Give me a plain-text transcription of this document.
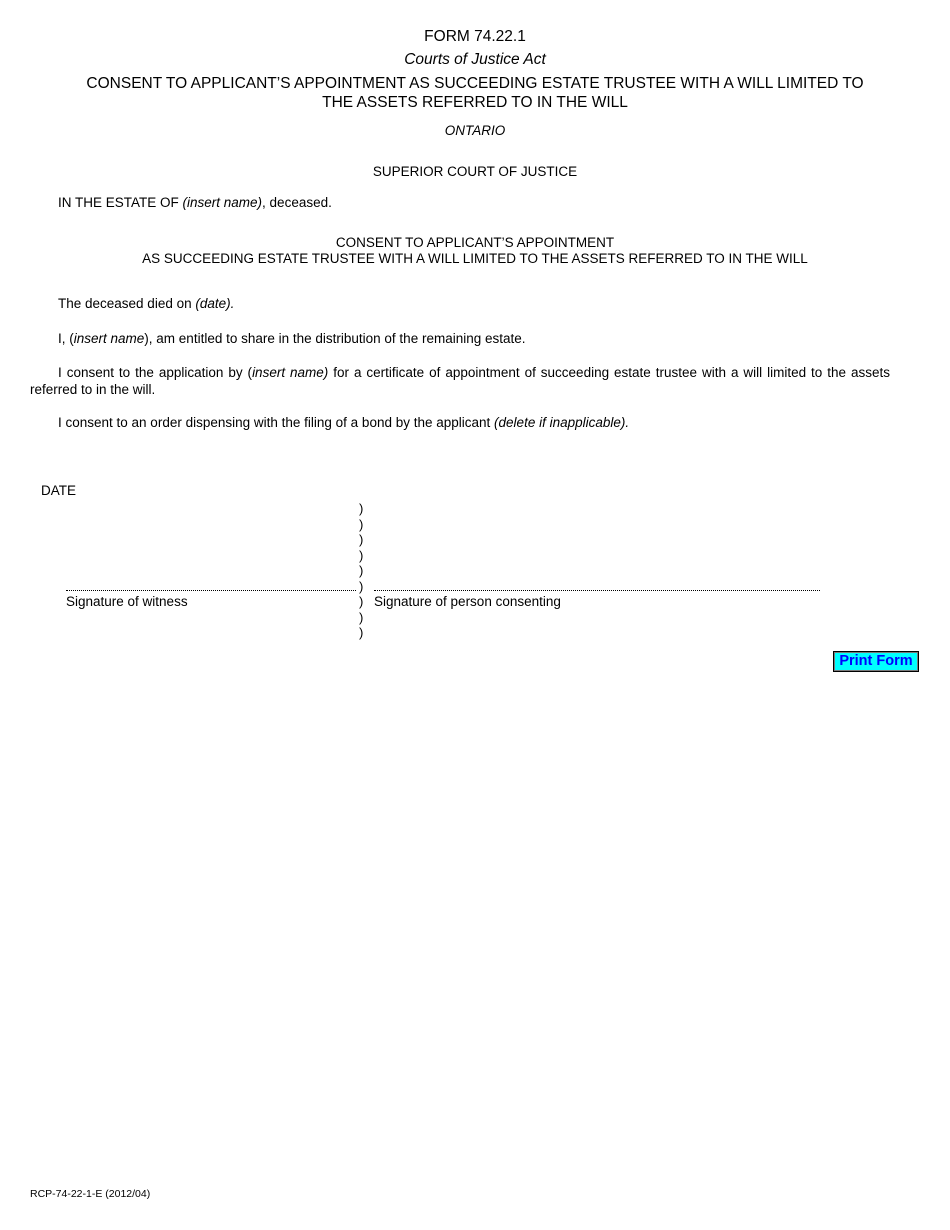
FORM 74.22.1
Courts of Justice Act
CONSENT TO APPLICANT’S APPOINTMENT AS SUCCEEDING ESTATE TRUSTEE WITH A WILL LIMITED TO
THE ASSETS REFERRED TO IN THE WILL
ONTARIO
SUPERIOR COURT OF JUSTICE
IN THE ESTATE OF (insert name), deceased.
CONSENT TO APPLICANT’S APPOINTMENT
AS SUCCEEDING ESTATE TRUSTEE WITH A WILL LIMITED TO THE ASSETS REFERRED TO IN THE WILL
The deceased died on (date).
I, (insert name), am entitled to share in the distribution of the remaining estate.
I consent to the application by (insert name) for a certificate of appointment of succeeding estate trustee with a will limited to the assets referred to in the will.
I consent to an order dispensing with the filing of a bond by the applicant (delete if inapplicable).
DATE
)
)
)
)
)
)
)
)
)
Signature of witness	Signature of person consenting
Print Form
RCP-74-22-1-E (2012/04)
